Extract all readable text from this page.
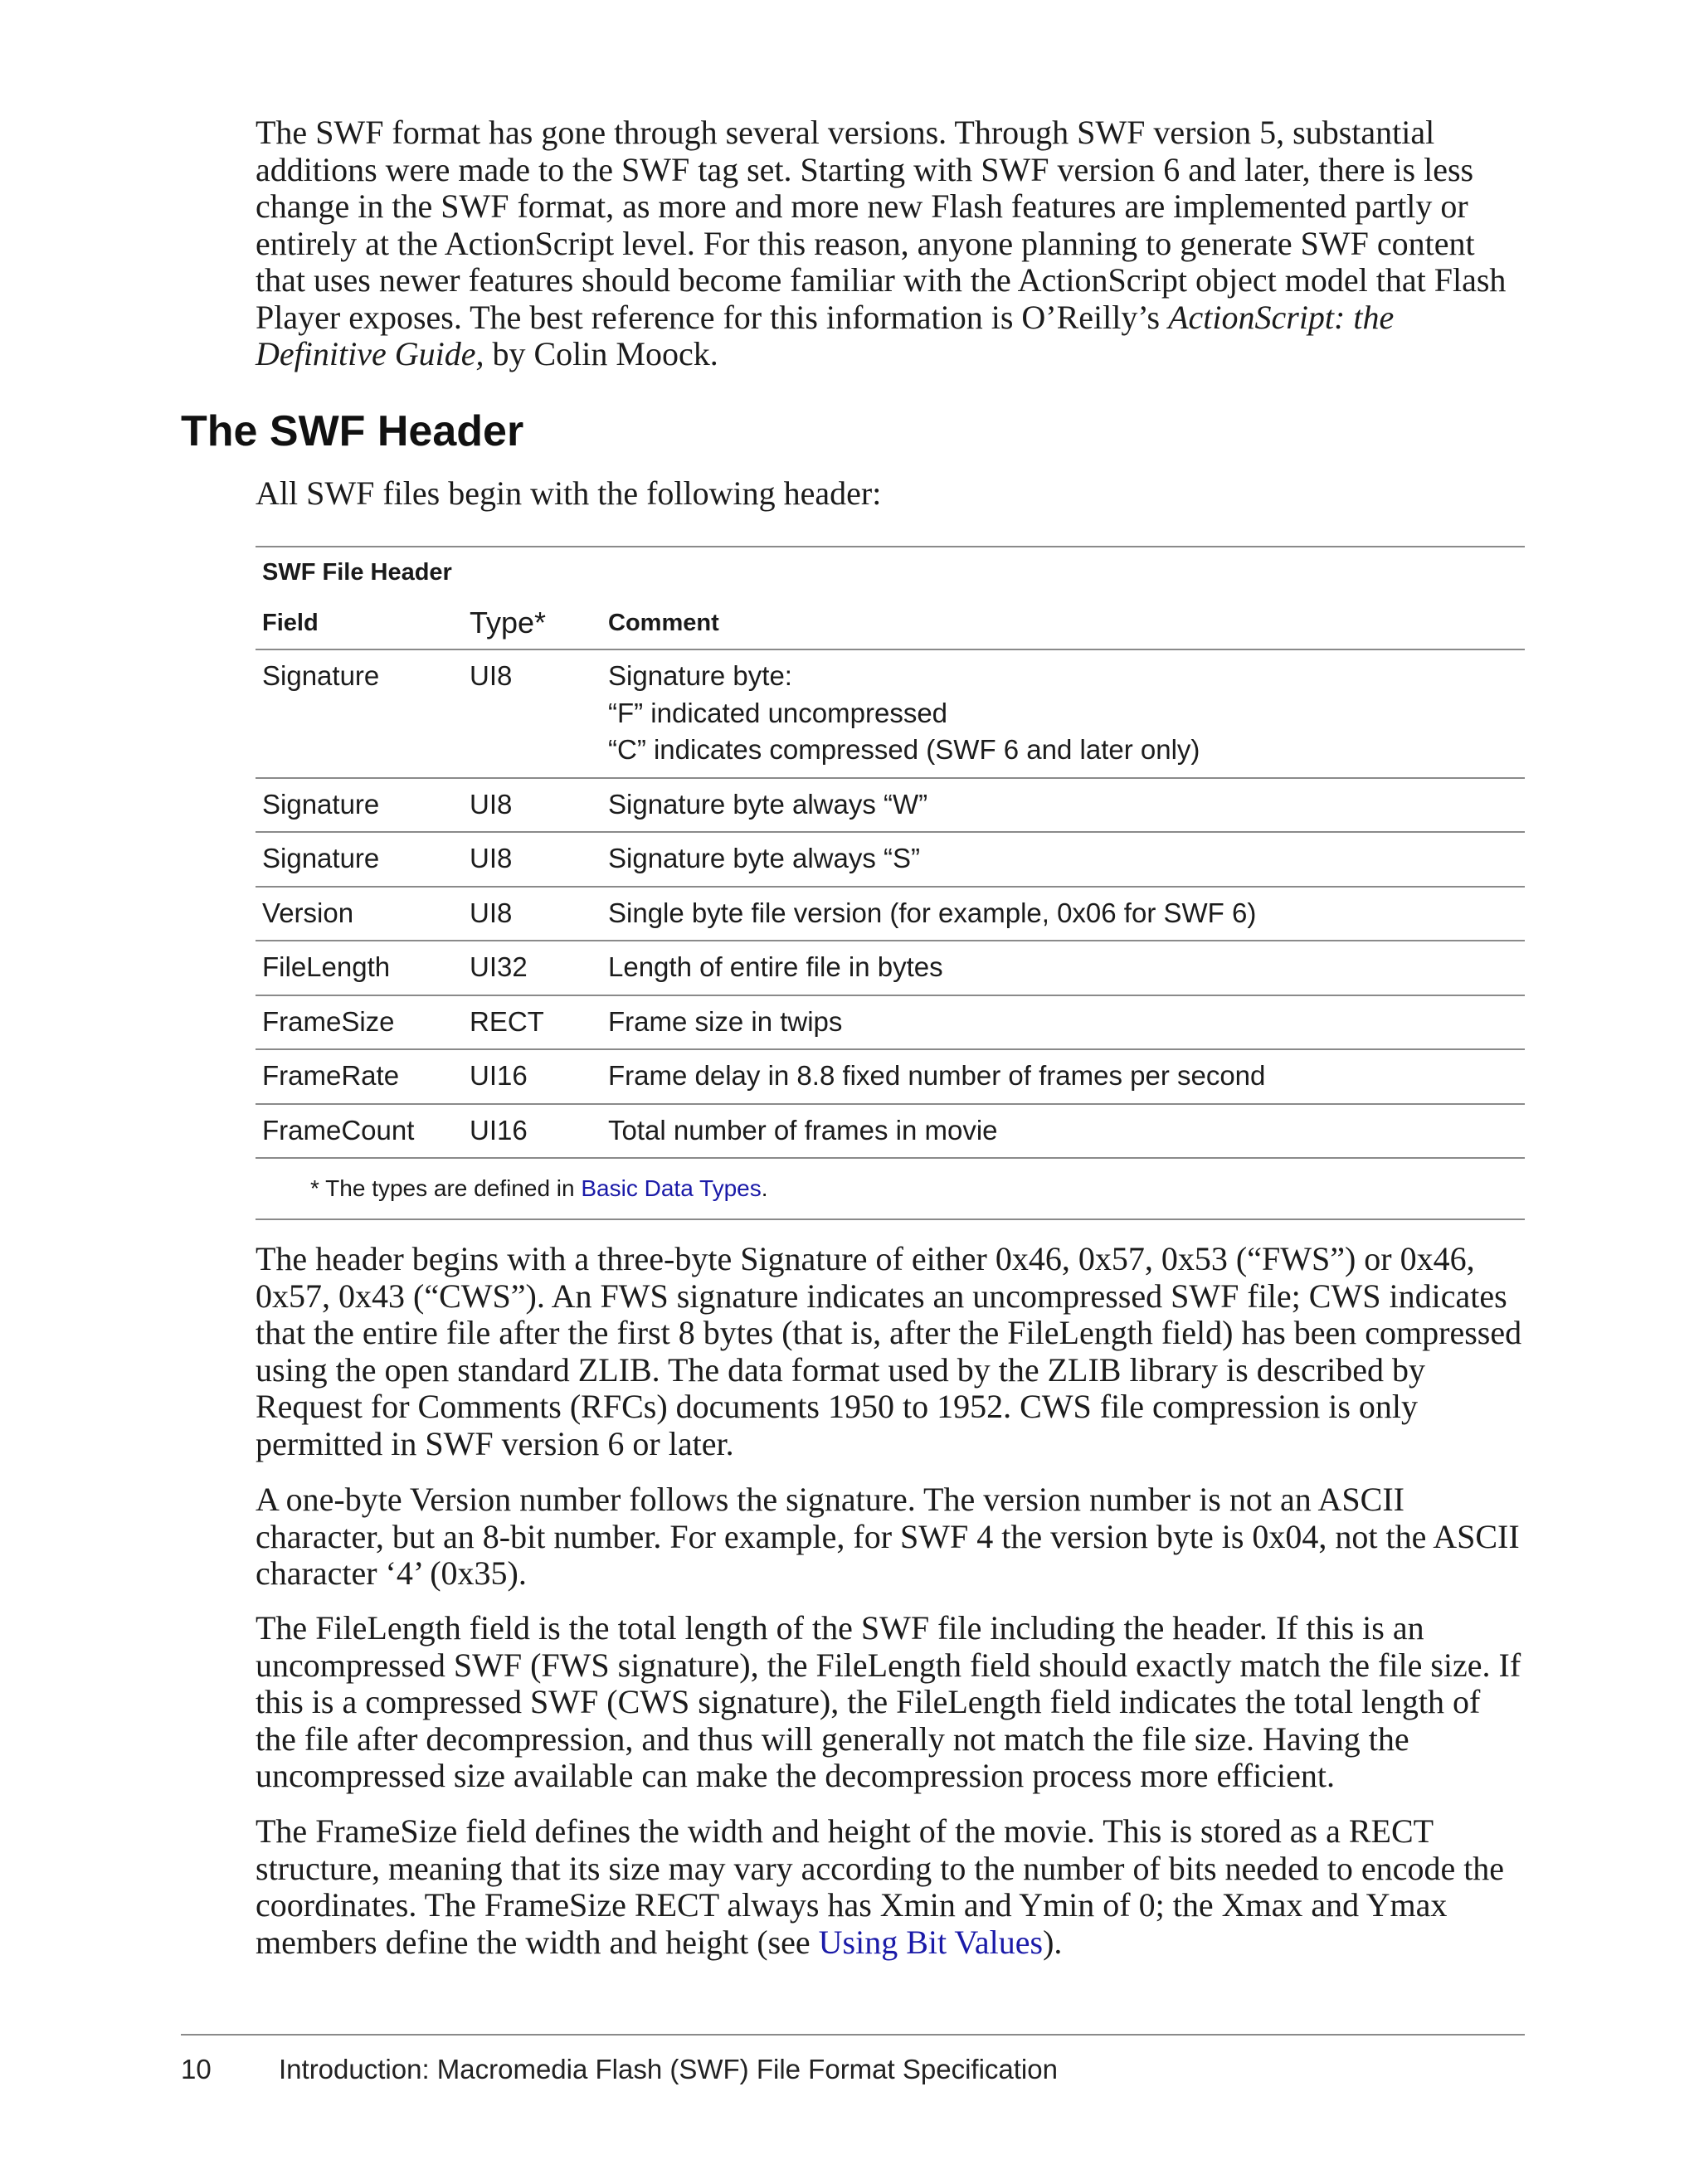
The SWF format has gone through several versions. Through SWF version 5, substantial additions were made to the SWF tag set. Starting with SWF version 6 and later, there is less change in the SWF format, as more and more new Flash features are implemented partly or entirely at the ActionScript level. For this reason, anyone planning to generate SWF content that uses newer features should become familiar with the ActionScript object model that Flash Player exposes. The best reference for this information is O’Reilly’s ActionScript: the Definitive Guide, by Colin Moock.

The SWF Header

All SWF files begin with the following header:

SWF File Header
Field	Type*	Comment
Signature	UI8	Signature byte:
“F” indicated uncompressed
“C” indicates compressed (SWF 6 and later only)
Signature	UI8	Signature byte always “W”
Signature	UI8	Signature byte always “S”
Version	UI8	Single byte file version (for example, 0x06 for SWF 6)
FileLength	UI32	Length of entire file in bytes
FrameSize	RECT	Frame size in twips
FrameRate	UI16	Frame delay in 8.8 fixed number of frames per second
FrameCount	UI16	Total number of frames in movie
* The types are defined in Basic Data Types.

The header begins with a three-byte Signature of either 0x46, 0x57, 0x53 (“FWS”) or 0x46, 0x57, 0x43 (“CWS”). An FWS signature indicates an uncompressed SWF file; CWS indicates that the entire file after the first 8 bytes (that is, after the FileLength field) has been compressed using the open standard ZLIB. The data format used by the ZLIB library is described by Request for Comments (RFCs) documents 1950 to 1952. CWS file compression is only permitted in SWF version 6 or later.

A one-byte Version number follows the signature. The version number is not an ASCII character, but an 8-bit number. For example, for SWF 4 the version byte is 0x04, not the ASCII character ‘4’ (0x35).

The FileLength field is the total length of the SWF file including the header. If this is an uncompressed SWF (FWS signature), the FileLength field should exactly match the file size. If this is a compressed SWF (CWS signature), the FileLength field indicates the total length of the file after decompression, and thus will generally not match the file size. Having the uncompressed size available can make the decompression process more efficient.

The FrameSize field defines the width and height of the movie. This is stored as a RECT structure, meaning that its size may vary according to the number of bits needed to encode the coordinates. The FrameSize RECT always has Xmin and Ymin of 0; the Xmax and Ymax members define the width and height (see Using Bit Values).

10 Introduction: Macromedia Flash (SWF) File Format Specification
